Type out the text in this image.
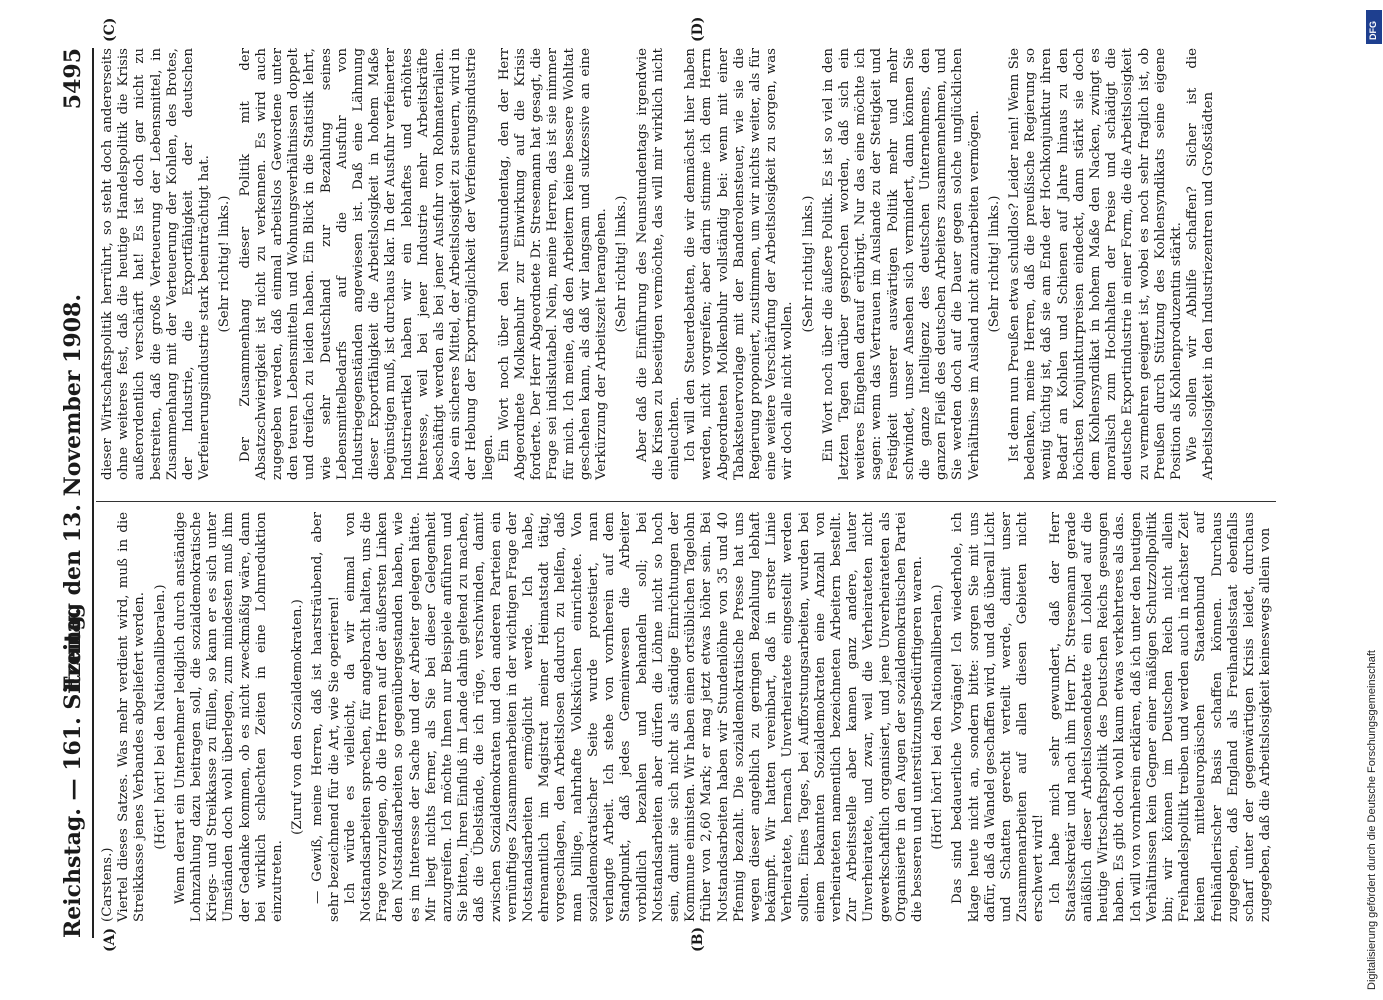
Reichstag. — 161. Sitzung.
Freitag den 13. November 1908.
5495
(A)	(B)
(C)	(D)

(Carstens.) Viertel dieses Satzes. Was mehr verdient wird, muß in die Streikkasse jenes Verbandes abgeliefert werden. (Hört! hört! bei den Nationalliberalen.) Wenn derart ein Unternehmer lediglich durch anständige Lohnzahlung dazu beitragen soll, die sozialdemokratische Kriegs- und Streikkasse zu füllen, so kann er es sich unter Umständen doch wohl überlegen, zum mindesten muß ihm der Gedanke kommen, ob es nicht zweckmäßig wäre, dann bei wirklich schlechten Zeiten in eine Lohnreduktion einzutreten.

(Zuruf von den Sozialdemokraten.) — Gewiß, meine Herren, daß ist haarsträubend, aber sehr bezeichnend für die Art, wie Sie operieren! Ich würde es vielleicht, da wir einmal von Notstandsarbeiten sprechen, für angebracht halten, uns die Frage vorzulegen, ob die Herren auf der äußersten Linken den Notstandsarbeiten so gegenübergestanden haben, wie es im Interesse der Sache und der Arbeiter gelegen hätte. Mir liegt nichts ferner, als Sie bei dieser Gelegenheit anzugreifen. Ich möchte Ihnen nur Beispiele anführen und Sie bitten, Ihren Einfluß im Lande dahin geltend zu machen, daß die Übelstände, die ich rüge, verschwinden, damit zwischen Sozialdemokraten und den anderen Parteien ein vernünftiges Zusammenarbeiten in der wichtigen Frage der Notstandsarbeiten ermöglicht werde. Ich habe, ehrenamtlich im Magistrat meiner Heimatstadt tätig, vorgeschlagen, den Arbeitslosen dadurch zu helfen, daß man billige, nahrhafte Volksküchen einrichtete. Von sozialdemokratischer Seite wurde protestiert, man verlangte Arbeit. Ich stehe von vornherein auf dem Standpunkt, daß jedes Gemeinwesen die Arbeiter vorbildlich bezahlen und behandeln soll; bei Notstandsarbeiten aber dürfen die Löhne nicht so hoch sein, damit sie sich nicht als ständige Einrichtungen der Kommune einnisten. Wir haben einen ortsüblichen Tagelohn früher von 2,60 Mark; er mag jetzt etwas höher sein. Bei Notstandsarbeiten haben wir Stundenlöhne von 35 und 40 Pfennig bezahlt. Die sozialdemokratische Presse hat uns wegen dieser angeblich zu geringen Bezahlung lebhaft bekämpft. Wir hatten vereinbart, daß in erster Linie Verheiratete, hernach Unverheiratete eingestellt werden sollten. Eines Tages, bei Aufforstungsarbeiten, wurden bei einem bekannten Sozialdemokraten eine Anzahl von verheirateten namentlich bezeichneten Arbeitern bestellt. Zur Arbeitsstelle aber kamen ganz andere, lauter Unverheiratete, und zwar, weil die Verheirateten nicht gewerkschaftlich organisiert, und jene Unverheirateten als Organisierte in den Augen der sozialdemokratischen Partei die besseren und unterstützungsbedürftigeren waren. (Hört! hört! bei den Nationalliberalen.) Das sind bedauerliche Vorgänge! Ich wiederhole, ich klage heute nicht an, sondern bitte: sorgen Sie mit uns dafür, daß da Wandel geschaffen wird, und daß überall Licht und Schatten gerecht verteilt werde, damit unser Zusammenarbeiten auf allen diesen Gebieten nicht erschwert wird! Ich habe mich sehr gewundert, daß der Herr Staatssekretär und nach ihm Herr Dr. Stresemann gerade anläßlich dieser Arbeitslosendebatte ein Loblied auf die heutige Wirtschaftspolitik des Deutschen Reichs gesungen haben. Es gibt doch wohl kaum etwas verkehrteres als das. Ich will von vornherein erklären, daß ich unter den heutigen Verhältnissen kein Gegner einer mäßigen Schutzzollpolitik bin; wir können im Deutschen Reich nicht allein Freihandelspolitik treiben und werden auch in nächster Zeit keinen mitteleuropäischen Staatenbund auf freihändlerischer Basis schaffen können. Durchaus zugegeben, daß England als Freihandelsstaat ebenfalls scharf unter der gegenwärtigen Krisis leidet, durchaus zugegeben, daß die Arbeitslosigkeit keineswegs allein von

dieser Wirtschaftspolitik herrührt, so steht doch andererseits ohne weiteres fest, daß die heutige Handelspolitik die Krisis außerordentlich verschärft hat! Es ist doch gar nicht zu bestreiten, daß die große Verteuerung der Lebensmittel, in Zusammenhang mit der Verteuerung der Kohlen, des Brotes, der Industrie, die Exportfähigkeit der deutschen Verfeinerungsindustrie stark beeinträchtigt hat. (Sehr richtig! links.) Der Zusammenhang dieser Politik mit der Absatzschwierigkeit ist nicht zu verkennen. Es wird auch zugegeben werden, daß einmal arbeitslos Gewordene unter den teuren Lebensmitteln und Wohnungsverhältnissen doppelt und dreifach zu leiden haben. Ein Blick in die Statistik lehrt, wie sehr Deutschland zur Bezahlung seines Lebensmittelbedarfs auf die Ausfuhr von Industriegegenständen angewiesen ist. Daß eine Lähmung dieser Exportfähigkeit die Arbeitslosigkeit in hohem Maße begünstigen muß, ist durchaus klar. In der Ausfuhr verfeinerter Industrieartikel haben wir ein lebhaftes und erhöhtes Interesse, weil bei jener Industrie mehr Arbeitskräfte beschäftigt werden als bei jener Ausfuhr von Rohmaterialien. Also ein sicheres Mittel, der Arbeitslosigkeit zu steuern, wird in der Hebung der Exportmöglichkeit der Verfeinerungsindustrie liegen. Ein Wort noch über den Neunstundentag, den der Herr Abgeordnete Molkenbuhr zur Einwirkung auf die Krisis forderte. Der Herr Abgeordnete Dr. Stresemann hat gesagt, die Frage sei indiskutabel. Nein, meine Herren, das ist sie nimmer für mich. Ich meine, daß den Arbeitern keine bessere Wohltat geschehen kann, als daß wir langsam und sukzessive an eine Verkürzung der Arbeitszeit herangehen. (Sehr richtig! links.) Aber daß die Einführung des Neunstundentags irgendwie die Krisen zu beseitigen vermöchte, das will mir wirklich nicht einleuchten. Ich will den Steuerdebatten, die wir demnächst hier haben werden, nicht vorgreifen; aber darin stimme ich dem Herrn Abgeordneten Molkenbuhr vollständig bei: wenn mit einer Tabaksteuervorlage mit der Banderolensteuer, wie sie die Regierung proponiert, zustimmen, um wir nichts weiter, als für eine weitere Verschärfung der Arbeitslosigkeit zu sorgen, was wir doch alle nicht wollen.

(Sehr richtig! links.) Ein Wort noch über die äußere Politik. Es ist so viel in den letzten Tagen darüber gesprochen worden, daß sich ein weiteres Eingehen darauf erübrigt. Nur das eine möchte ich sagen: wenn das Vertrauen im Auslande zu der Stetigkeit und Festigkeit unserer auswärtigen Politik mehr und mehr schwindet, unser Ansehen sich vermindert, dann können Sie die ganze Intelligenz des deutschen Unternehmens, den ganzen Fleiß des deutschen Arbeiters zusammennehmen, und Sie werden doch auf die Dauer gegen solche unglücklichen Verhältnisse im Ausland nicht anzuarbeiten vermögen. (Sehr richtig! links.) Ist denn nun Preußen etwa schuldlos? Leider nein! Wenn Sie bedenken, meine Herren, daß die preußische Regierung so wenig tüchtig ist, daß sie am Ende der Hochkonjunktur ihren Bedarf an Kohlen und Schienen auf Jahre hinaus zu den höchsten Konjunkturpreisen eindeckt, dann stärkt sie doch dem Kohlensyndikat in hohem Maße den Nacken, zwingt es moralisch zum Hochhalten der Preise und schädigt die deutsche Exportindustrie in einer Form, die die Arbeitslosigkeit zu vermehren geeignet ist, wobei es noch sehr fraglich ist, ob Preußen durch Stützung des Kohlensyndikats seine eigene Position als Kohlenproduzentin stärkt. Wie sollen wir Abhilfe schaffen? Sicher ist die Arbeitslosigkeit in den Industriezentren und Großstädten

DFG
Digitalisierung gefördert durch die Deutsche Forschungsgemeinschaft
